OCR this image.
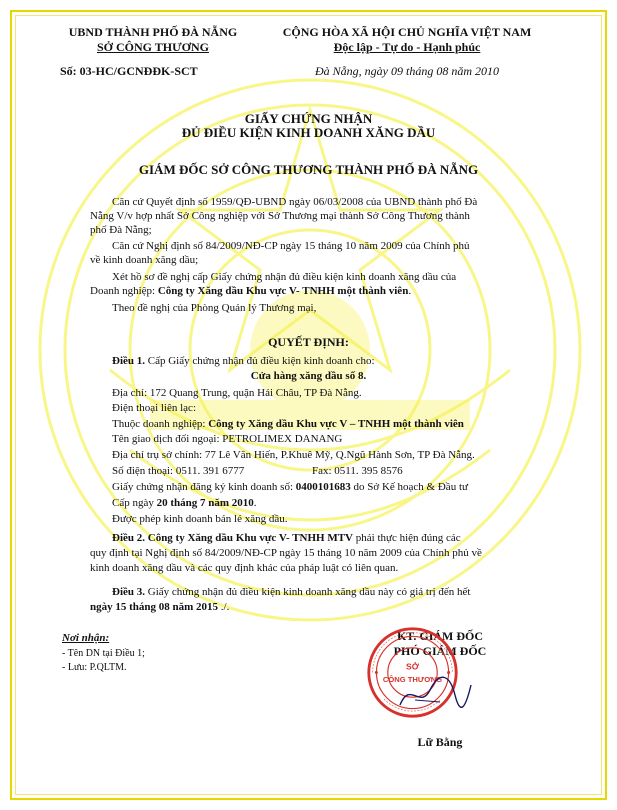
UBND THÀNH PHỐ ĐÀ NẴNG
SỞ CÔNG THƯƠNG
Số: 03-HC/GCNĐĐK-SCT
CỘNG HÒA XÃ HỘI CHỦ NGHĨA VIỆT NAM
Độc lập - Tự do - Hạnh phúc
Đà Nẵng, ngày 09 tháng 08 năm 2010
GIẤY CHỨNG NHẬN
ĐỦ ĐIỀU KIỆN KINH DOANH XĂNG DẦU
GIÁM ĐỐC SỞ CÔNG THƯƠNG THÀNH PHỐ ĐÀ NẴNG
Căn cứ Quyết định số 1959/QĐ-UBND ngày 06/03/2008 của UBND thành phố Đà
Nẵng V/v hợp nhất Sở Công nghiệp với Sở Thương mại thành Sở Công Thương thành
phố Đà Nẵng;
Căn cứ Nghị định số 84/2009/NĐ-CP ngày 15 tháng 10 năm 2009 của Chính phủ
về kinh doanh xăng dầu;
Xét hồ sơ đề nghị cấp Giấy chứng nhận đủ điều kiện kinh doanh xăng dầu của
Doanh nghiệp: Công ty Xăng dầu Khu vực V- TNHH một thành viên.
Theo đề nghị của Phòng Quản lý Thương mại,
QUYẾT ĐỊNH:
Điều 1. Cấp Giấy chứng nhận đủ điều kiện kinh doanh cho:
Cửa hàng xăng dầu số 8.
Địa chỉ: 172 Quang Trung, quận Hải Châu, TP Đà Nẵng.
Điện thoại liên lạc:
Thuộc doanh nghiệp: Công ty Xăng dầu Khu vực V – TNHH một thành viên
Tên giao dịch đối ngoại: PETROLIMEX DANANG
Địa chỉ trụ sở chính: 77 Lê Văn Hiến, P.Khuê Mỹ, Q.Ngũ Hành Sơn, TP Đà Nẵng.
Số điện thoại: 0511. 391 6777	Fax: 0511. 395 8576
Giấy chứng nhận đăng ký kinh doanh số: 0400101683 do Sở Kế hoạch & Đầu tư
Cấp ngày 20 tháng 7 năm 2010.
Được phép kinh doanh bán lẻ xăng dầu.
Điều 2. Công ty Xăng dầu Khu vực V- TNHH MTV phải thực hiện đúng các
quy định tại Nghị định số 84/2009/NĐ-CP ngày 15 tháng 10 năm 2009 của Chính phủ về
kinh doanh xăng dầu và các quy định khác của pháp luật có liên quan.
Điều 3. Giấy chứng nhận đủ điều kiện kinh doanh xăng dầu này có giá trị đến hết
ngày 15 tháng 08 năm 2015 ./.
Nơi nhận:
- Tên DN tại Điều 1;
- Lưu: P.QLTM.
KT. GIÁM ĐỐC
PHÓ GIÁM ĐỐC
SỞ
CÔNG THƯƠNG
Lữ Bằng
